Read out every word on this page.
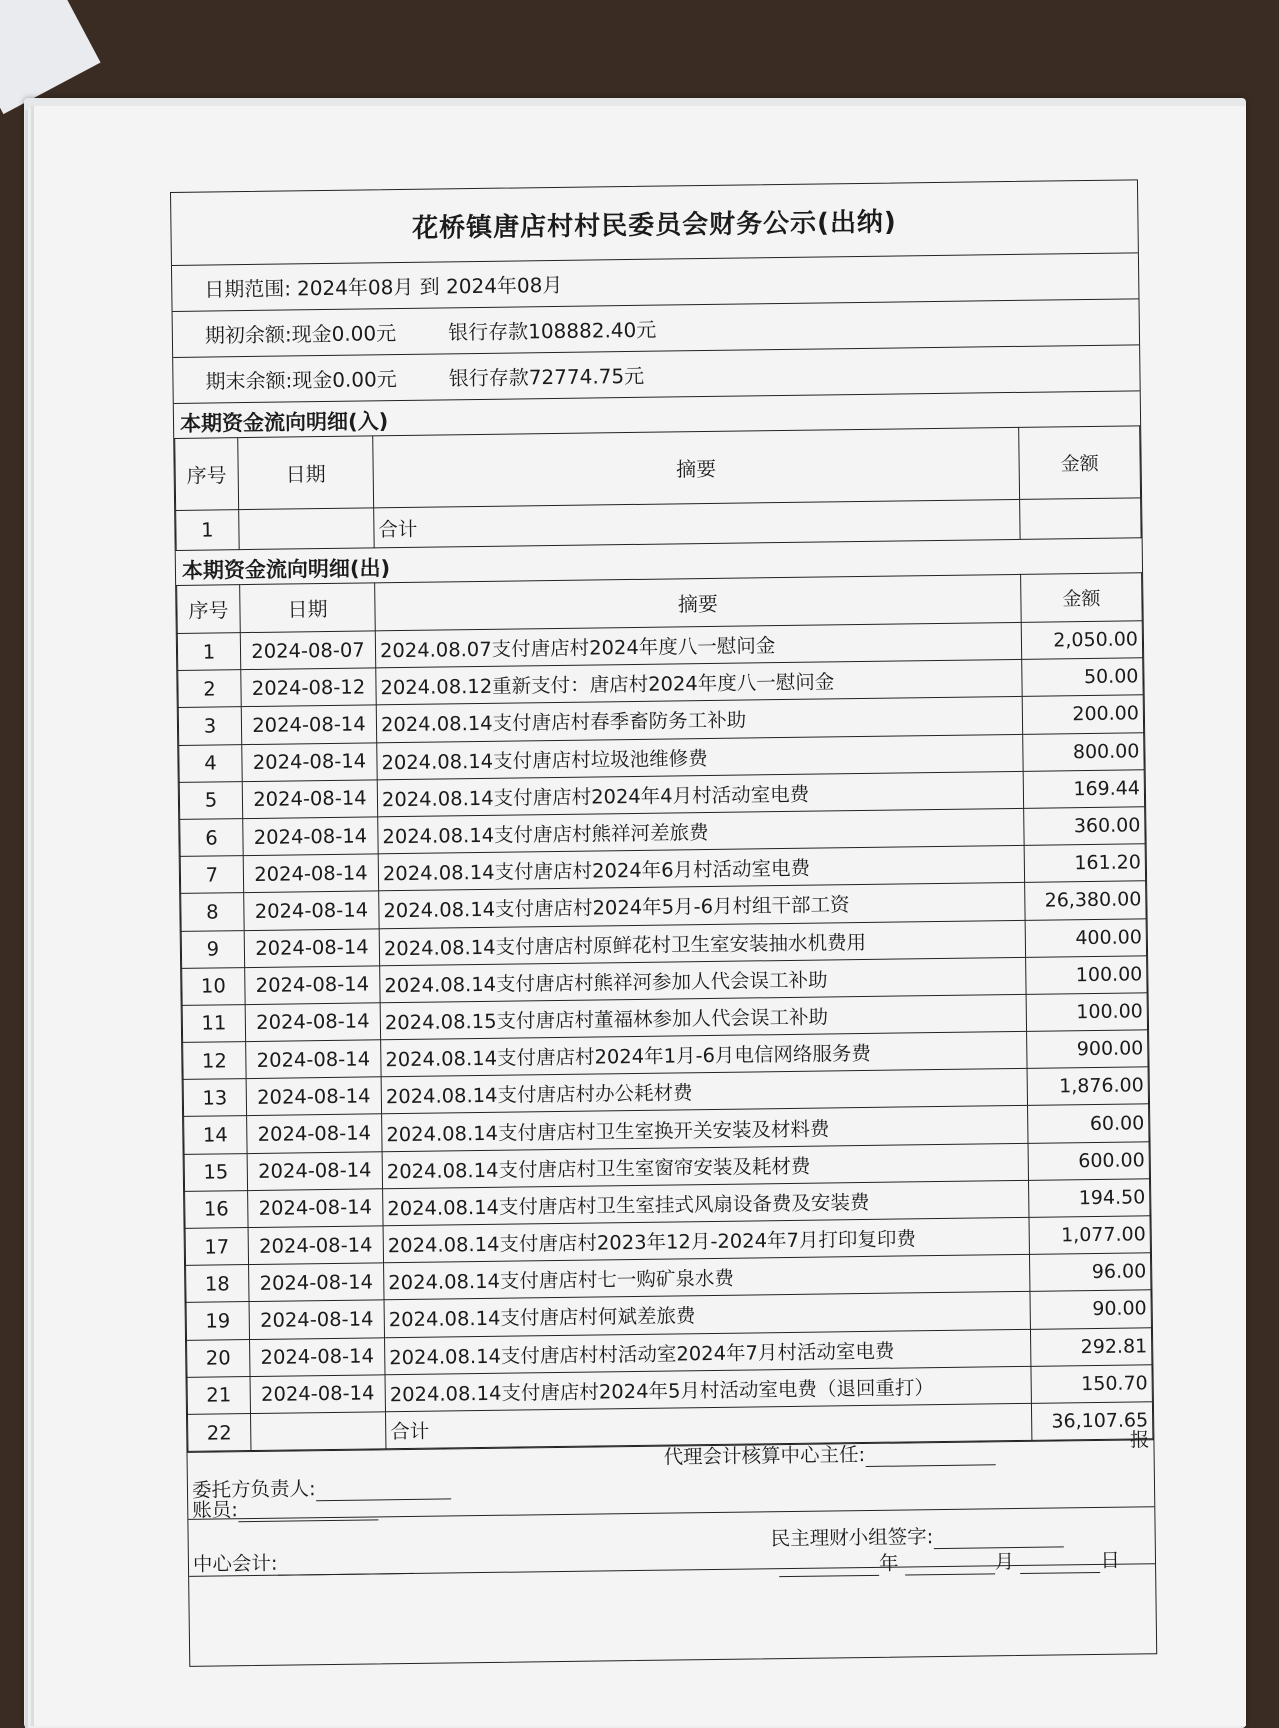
花桥镇唐店村村民委员会财务公示(出纳)
日期范围: 2024年08月 到 2024年08月
期初余额: 现金0.00元	银行存款108882.40元
期末余额: 现金0.00元	银行存款72774.75元
本期资金流向明细(入)
序号	日期	摘要	金额
1		合计	
本期资金流向明细(出)
序号	日期	摘要	金额
1	2024-08-07	2024.08.07支付唐店村2024年度八一慰问金	2,050.00
2	2024-08-12	2024.08.12重新支付：唐店村2024年度八一慰问金	50.00
3	2024-08-14	2024.08.14支付唐店村春季畜防务工补助	200.00
4	2024-08-14	2024.08.14支付唐店村垃圾池维修费	800.00
5	2024-08-14	2024.08.14支付唐店村2024年4月村活动室电费	169.44
6	2024-08-14	2024.08.14支付唐店村熊祥河差旅费	360.00
7	2024-08-14	2024.08.14支付唐店村2024年6月村活动室电费	161.20
8	2024-08-14	2024.08.14支付唐店村2024年5月-6月村组干部工资	26,380.00
9	2024-08-14	2024.08.14支付唐店村原鲜花村卫生室安装抽水机费用	400.00
10	2024-08-14	2024.08.14支付唐店村熊祥河参加人代会误工补助	100.00
11	2024-08-14	2024.08.15支付唐店村董福林参加人代会误工补助	100.00
12	2024-08-14	2024.08.14支付唐店村2024年1月-6月电信网络服务费	900.00
13	2024-08-14	2024.08.14支付唐店村办公耗材费	1,876.00
14	2024-08-14	2024.08.14支付唐店村卫生室换开关安装及材料费	60.00
15	2024-08-14	2024.08.14支付唐店村卫生室窗帘安装及耗材费	600.00
16	2024-08-14	2024.08.14支付唐店村卫生室挂式风扇设备费及安装费	194.50
17	2024-08-14	2024.08.14支付唐店村2023年12月-2024年7月打印复印费	1,077.00
18	2024-08-14	2024.08.14支付唐店村七一购矿泉水费	96.00
19	2024-08-14	2024.08.14支付唐店村何斌差旅费	90.00
20	2024-08-14	2024.08.14支付唐店村村活动室2024年7月村活动室电费	292.81
21	2024-08-14	2024.08.14支付唐店村2024年5月村活动室电费（退回重打）	150.70
22		合计	36,107.65
代理会计核算中心主任:
报
委托方负责人:
账员:
民主理财小组签字:
中心会计:	年	月	日
